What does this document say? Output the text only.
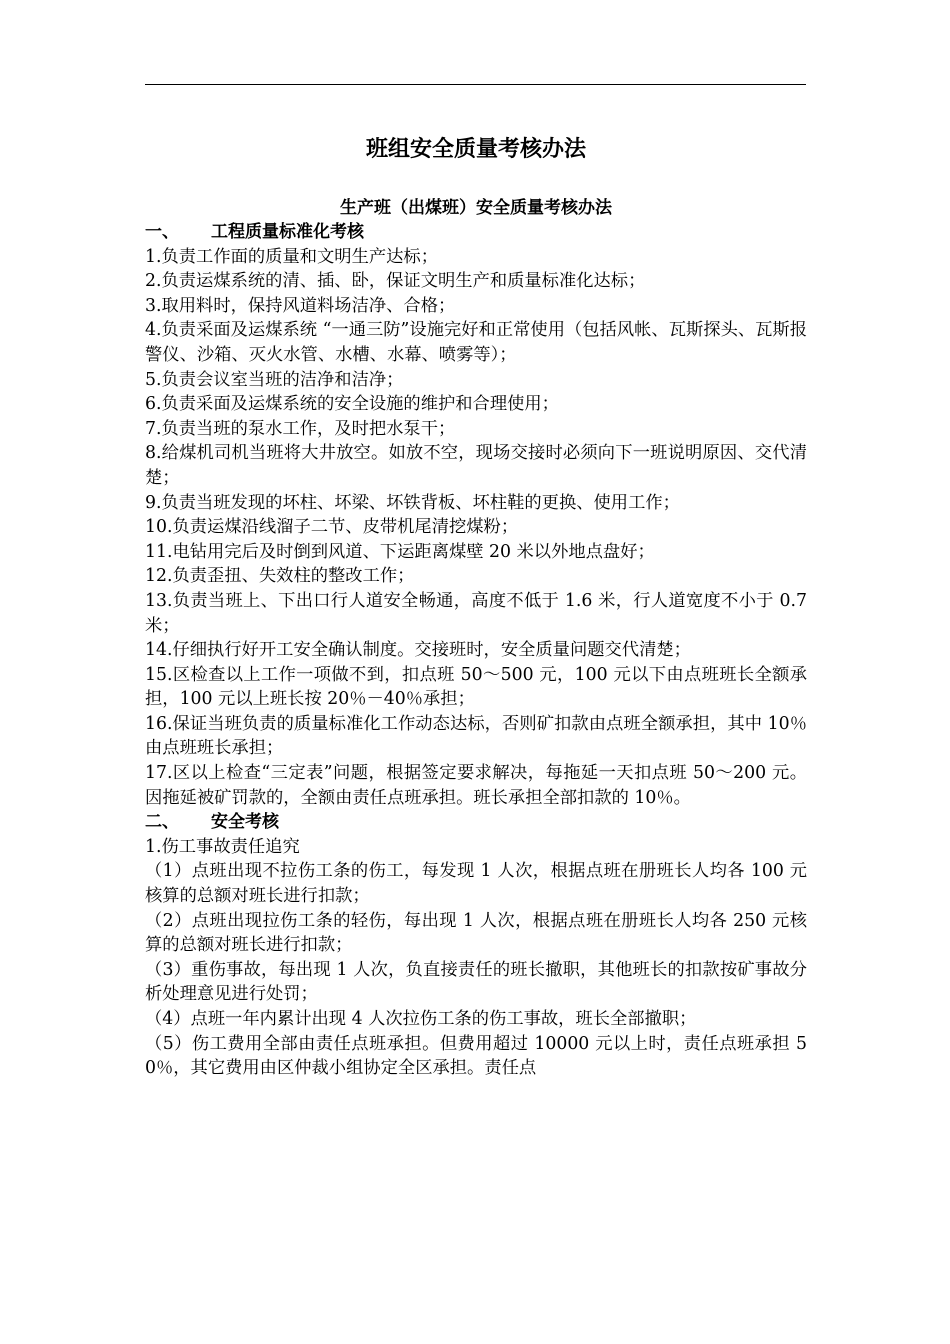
班组安全质量考核办法
生产班（出煤班）安全质量考核办法
一、 工程质量标准化考核

1.负责工作面的质量和文明生产达标；

2.负责运煤系统的清、插、卧，保证文明生产和质量标准化达标；

3.取用料时，保持风道料场洁净、合格；

4.负责采面及运煤系统 “一通三防”设施完好和正常使用（包括风帐、瓦斯探头、瓦斯报警仪、沙箱、灭火水管、水槽、水幕、喷雾等）；

5.负责会议室当班的洁净和洁净；

6.负责采面及运煤系统的安全设施的维护和合理使用；

7.负责当班的泵水工作，及时把水泵干；

8.给煤机司机当班将大井放空。如放不空，现场交接时必须向下一班说明原因、交代清楚；

9.负责当班发现的坏柱、坏梁、坏铁背板、坏柱鞋的更换、使用工作；

10.负责运煤沿线溜子二节、皮带机尾清挖煤粉；

11.电钻用完后及时倒到风道、下运距离煤壁 20 米以外地点盘好；

12.负责歪扭、失效柱的整改工作；

13.负责当班上、下出口行人道安全畅通，高度不低于 1.6 米，行人道宽度不小于 0.7 米；

14.仔细执行好开工安全确认制度。交接班时，安全质量问题交代清楚；

15.区检查以上工作一项做不到，扣点班 50～500 元，100 元以下由点班班长全额承担，100 元以上班长按 20％－40％承担；

16.保证当班负责的质量标准化工作动态达标，否则矿扣款由点班全额承担，其中 10％由点班班长承担；

17.区以上检查“三定表”问题，根据签定要求解决，每拖延一天扣点班 50～200 元。因拖延被矿罚款的，全额由责任点班承担。班长承担全部扣款的 10％。

二、 安全考核

1.伤工事故责任追究

（1）点班出现不拉伤工条的伤工，每发现 1 人次，根据点班在册班长人均各 100 元核算的总额对班长进行扣款；

（2）点班出现拉伤工条的轻伤，每出现 1 人次，根据点班在册班长人均各 250 元核算的总额对班长进行扣款；

（3）重伤事故，每出现 1 人次，负直接责任的班长撤职，其他班长的扣款按矿事故分析处理意见进行处罚；

（4）点班一年内累计出现 4 人次拉伤工条的伤工事故，班长全部撤职；

（5）伤工费用全部由责任点班承担。但费用超过 10000 元以上时，责任点班承担 50％，其它费用由区仲裁小组协定全区承担。责任点
